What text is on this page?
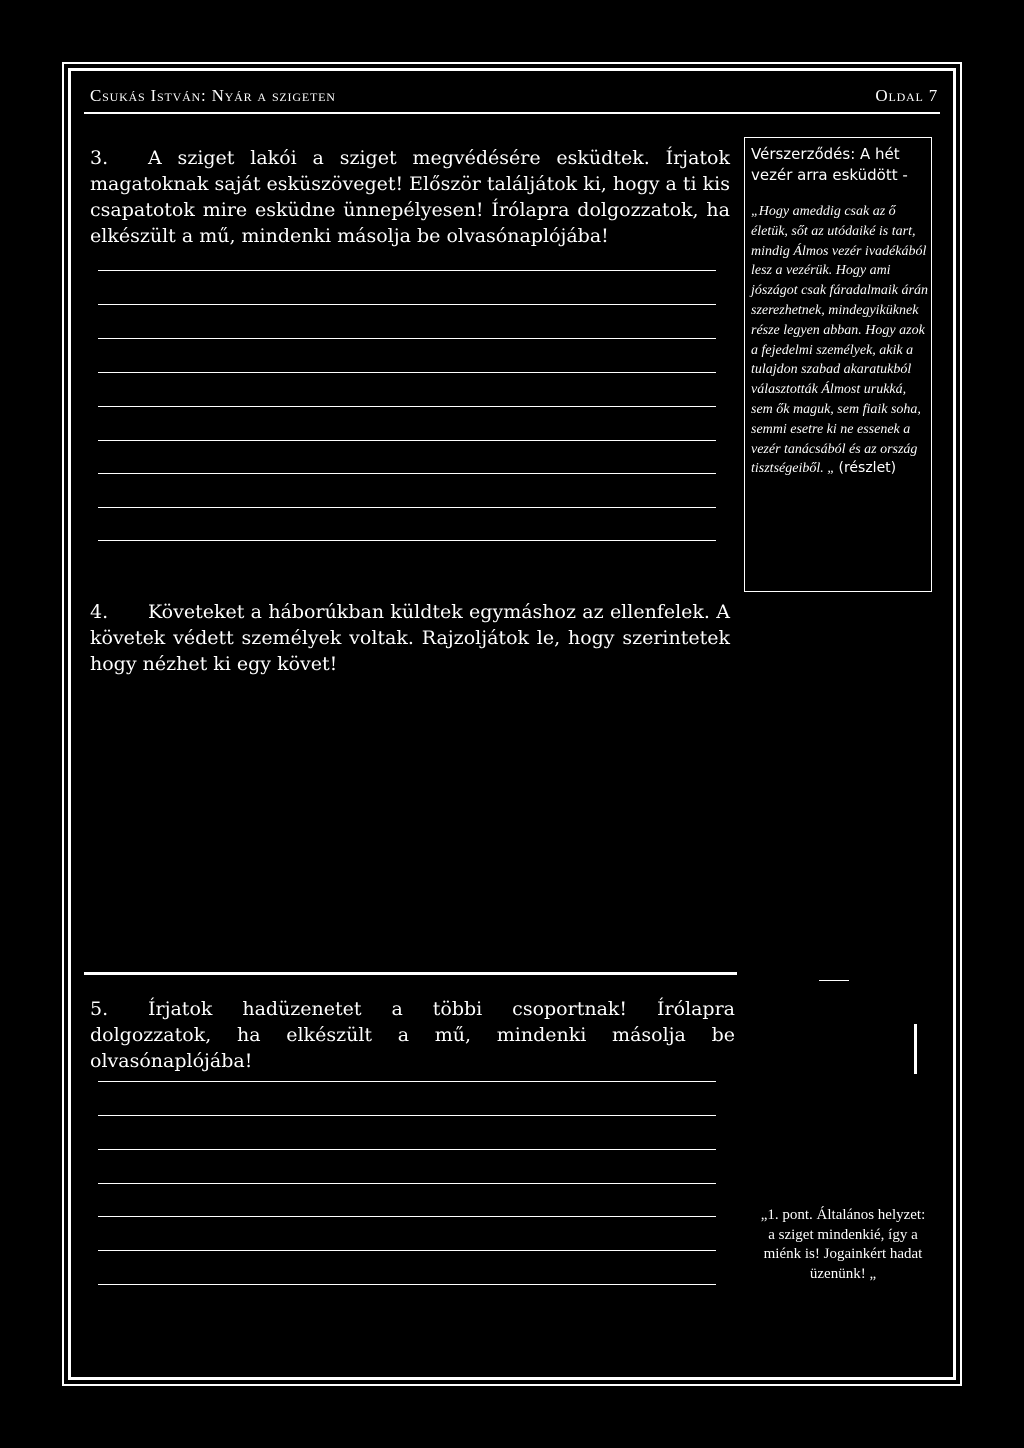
Csukás István: Nyár a szigeten	Oldal 7
3. A sziget lakói a sziget megvédésére esküdtek. Írjatok magatoknak saját esküszöveget! Először találjátok ki, hogy a ti kis csapatotok mire esküdne ünnepélyesen! Írólapra dolgozzatok, ha elkészült a mű, mindenki másolja be olvasónaplójába!
Vérszerződés: A hét vezér arra esküdött -
„Hogy ameddig csak az ő életük, sőt az utódaiké is tart, mindig Álmos vezér ivadékából lesz a vezérük. Hogy ami jószágot csak fáradalmaik árán szerezhetnek, mindegyiküknek része legyen abban. Hogy azok a fejedelmi személyek, akik a tulajdon szabad akaratukból választották Álmost urukká, sem ők maguk, sem fiaik soha, semmi esetre ki ne essenek a vezér tanácsából és az ország tisztségeiből. „ (részlet)
4. Követeket a háborúkban küldtek egymáshoz az ellenfelek. A követek védett személyek voltak. Rajzoljátok le, hogy szerintetek hogy nézhet ki egy követ!
5. Írjatok hadüzenetet a többi csoportnak! Írólapra dolgozzatok, ha elkészült a mű, mindenki másolja be olvasónaplójába!
„1. pont. Általános helyzet: a sziget mindenkié, így a miénk is! Jogainkért hadat üzenünk! „
